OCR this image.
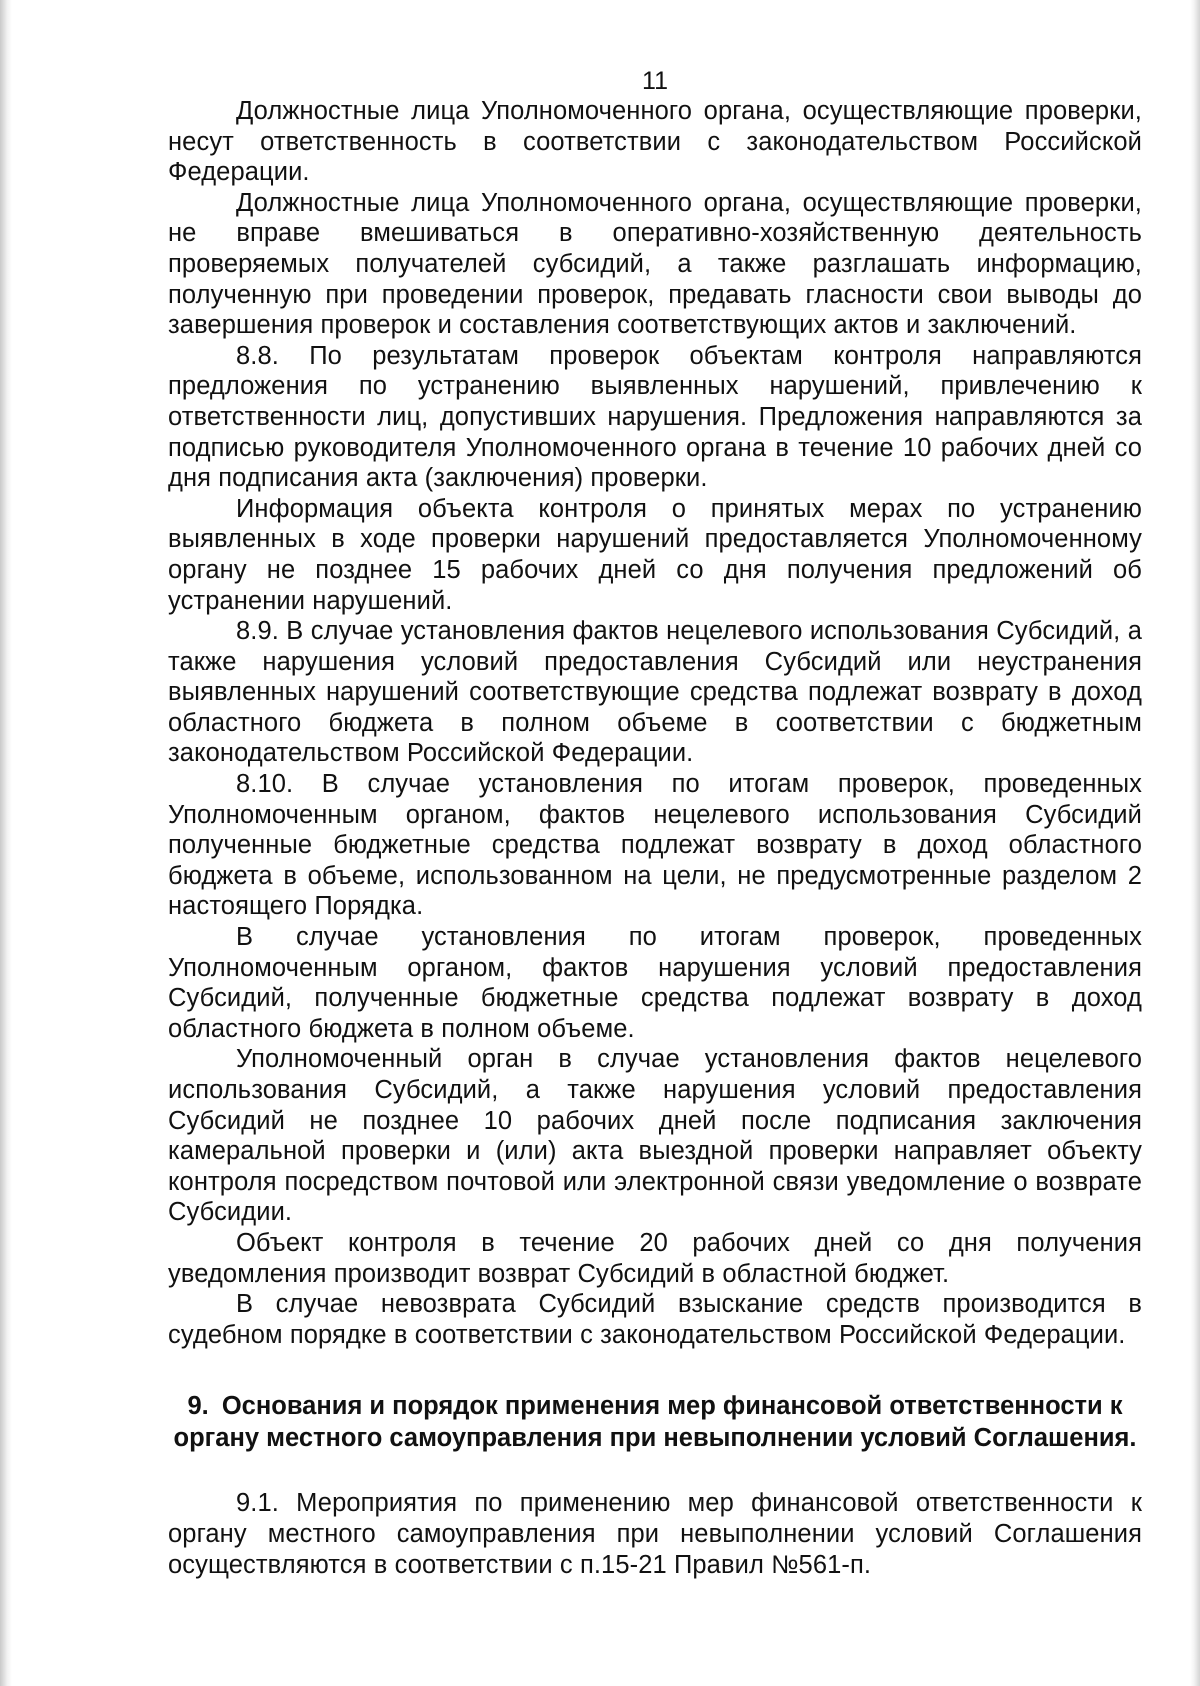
11

Должностные лица Уполномоченного органа, осуществляющие проверки, несут ответственность в соответствии с законодательством Российской Федерации.

Должностные лица Уполномоченного органа, осуществляющие проверки, не вправе вмешиваться в оперативно-хозяйственную деятельность проверяемых получателей субсидий, а также разглашать информацию, полученную при проведении проверок, предавать гласности свои выводы до завершения проверок и составления соответствующих актов и заключений.

8.8. По результатам проверок объектам контроля направляются предложения по устранению выявленных нарушений, привлечению к ответственности лиц, допустивших нарушения. Предложения направляются за подписью руководителя Уполномоченного органа в течение 10 рабочих дней со дня подписания акта (заключения) проверки.

Информация объекта контроля о принятых мерах по устранению выявленных в ходе проверки нарушений предоставляется Уполномоченному органу не позднее 15 рабочих дней со дня получения предложений об устранении нарушений.

8.9. В случае установления фактов нецелевого использования Субсидий, а также нарушения условий предоставления Субсидий или неустранения выявленных нарушений соответствующие средства подлежат возврату в доход областного бюджета в полном объеме в соответствии с бюджетным законодательством Российской Федерации.

8.10. В случае установления по итогам проверок, проведенных Уполномоченным органом, фактов нецелевого использования Субсидий полученные бюджетные средства подлежат возврату в доход областного бюджета в объеме, использованном на цели, не предусмотренные разделом 2 настоящего Порядка.

В случае установления по итогам проверок, проведенных Уполномоченным органом, фактов нарушения условий предоставления Субсидий, полученные бюджетные средства подлежат возврату в доход областного бюджета в полном объеме.

Уполномоченный орган в случае установления фактов нецелевого использования Субсидий, а также нарушения условий предоставления Субсидий не позднее 10 рабочих дней после подписания заключения камеральной проверки и (или) акта выездной проверки направляет объекту контроля посредством почтовой или электронной связи уведомление о возврате Субсидии.

Объект контроля в течение 20 рабочих дней со дня получения уведомления производит возврат Субсидий в областной бюджет.

В случае невозврата Субсидий взыскание средств производится в судебном порядке в соответствии с законодательством Российской Федерации.

9. Основания и порядок применения мер финансовой ответственности к органу местного самоуправления при невыполнении условий Соглашения.

9.1. Мероприятия по применению мер финансовой ответственности к органу местного самоуправления при невыполнении условий Соглашения осуществляются в соответствии с п.15-21 Правил №561-п.
